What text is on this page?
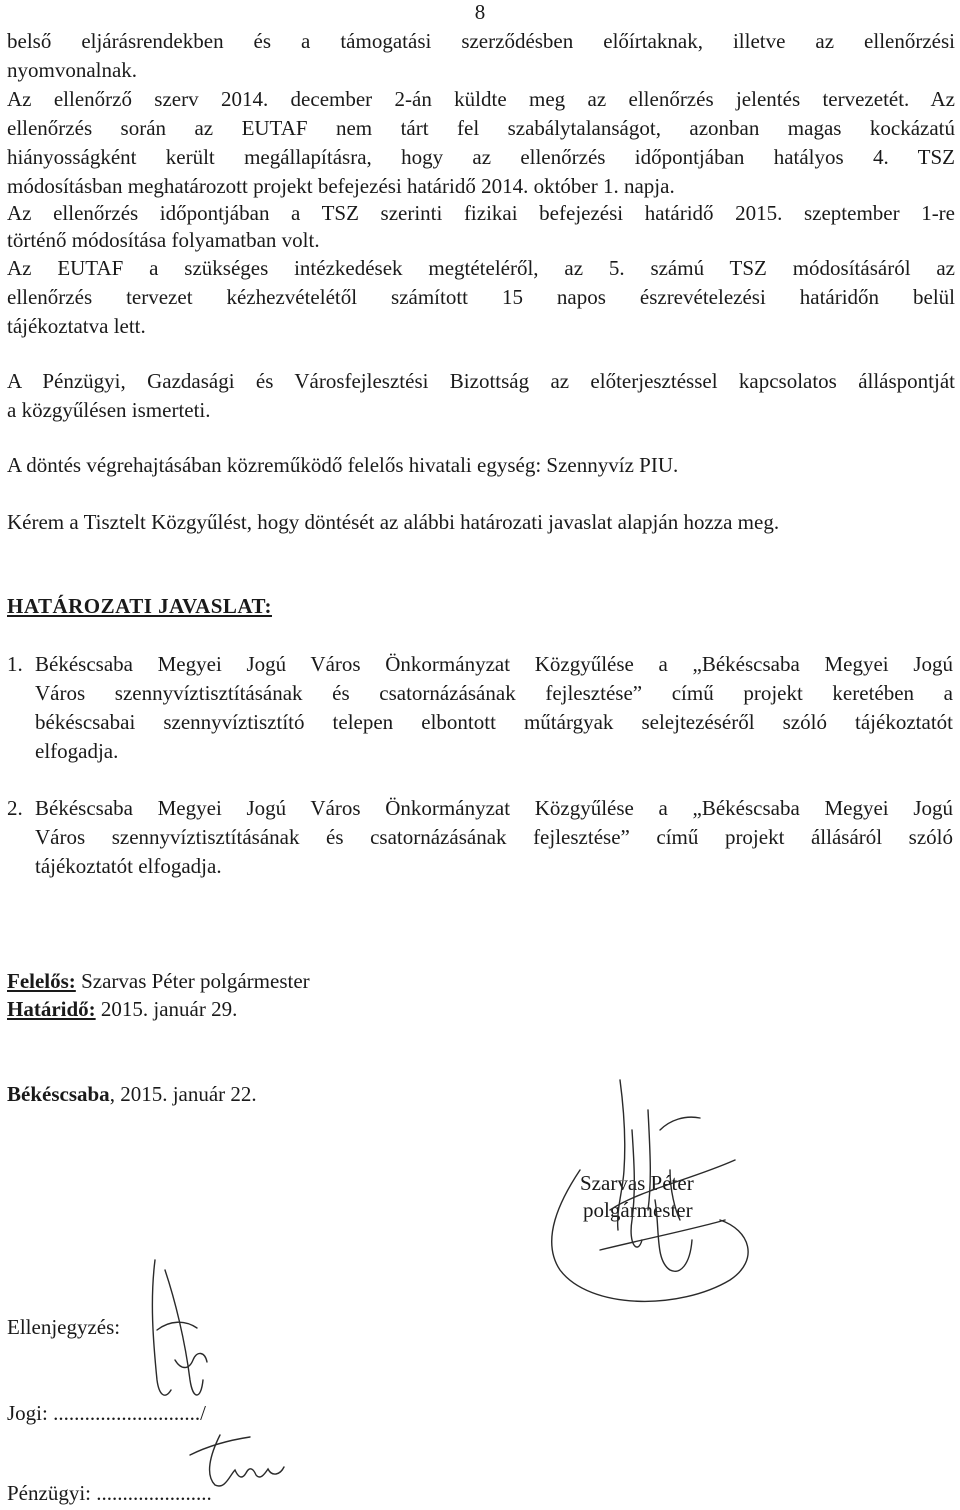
8
belső eljárásrendekben és a támogatási szerződésben előírtaknak, illetve az ellenőrzési
nyomvonalnak.
Az ellenőrző szerv 2014. december 2-án küldte meg az ellenőrzés jelentés tervezetét. Az
ellenőrzés során az EUTAF nem tárt fel szabálytalanságot, azonban magas kockázatú
hiányosságként került megállapításra, hogy az ellenőrzés időpontjában hatályos 4. TSZ
módosításban meghatározott projekt befejezési határidő 2014. október 1. napja.
Az ellenőrzés időpontjában a TSZ szerinti fizikai befejezési határidő 2015. szeptember 1-re
történő módosítása folyamatban volt.
Az EUTAF a szükséges intézkedések megtételéről, az 5. számú TSZ módosításáról az
ellenőrzés tervezet kézhezvételétől számított 15 napos észrevételezési határidőn belül
tájékoztatva lett.
A Pénzügyi, Gazdasági és Városfejlesztési Bizottság az előterjesztéssel kapcsolatos álláspontját
a közgyűlésen ismerteti.
A döntés végrehajtásában közreműködő felelős hivatali egység: Szennyvíz PIU.
Kérem a Tisztelt Közgyűlést, hogy döntését az alábbi határozati javaslat alapján hozza meg.
HATÁROZATI JAVASLAT:
1. Békéscsaba Megyei Jogú Város Önkormányzat Közgyűlése a „Békéscsaba Megyei Jogú
Város szennyvíztisztításának és csatornázásának fejlesztése” című projekt keretében a
békéscsabai szennyvíztisztító telepen elbontott műtárgyak selejtezéséről szóló tájékoztatót
elfogadja.
2. Békéscsaba Megyei Jogú Város Önkormányzat Közgyűlése a „Békéscsaba Megyei Jogú
Város szennyvíztisztításának és csatornázásának fejlesztése” című projekt állásáról szóló
tájékoztatót elfogadja.
Felelős: Szarvas Péter polgármester
Határidő: 2015. január 29.
Békéscsaba, 2015. január 22.
Szarvas Péter
polgármester
Ellenjegyzés:
Jogi: ............................/
Pénzügyi: ......................
